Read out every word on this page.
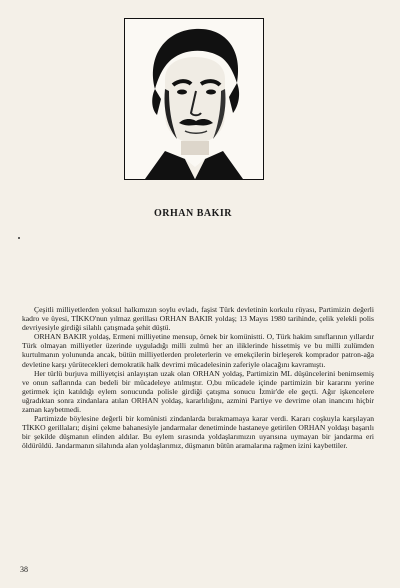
ORHAN BAKIR

Çeşitli milliyetlerden yoksul halkımızın soylu evladı, faşist Türk devletinin korkulu rüyası, Partimizin değerli kadro ve üyesi, TİKKO'nun yılmaz gerillası ORHAN BAKIR yoldaş; 13 Mayıs 1980 tarihinde, çelik yelekli polis devriyesiyle girdiği silahlı çatışmada şehit düştü.

ORHAN BAKIR yoldaş, Ermeni milliyetine mensup, örnek bir komünistti. O, Türk hakim sınıflarının yıllardır Türk olmayan milliyetler üzerinde uyguladığı milli zulmü her an iliklerinde hissetmiş ve bu milli zulümden kurtulmanın yolununda ancak, bütün milliyetlerden proleterlerin ve emekçilerin birleşerek komprador patron-ağa devletine karşı yürütecekleri demokratik halk devrimi mücadelesinin zaferiyle olacağını kavramıştı.

Her türlü burjuva milliyetçisi anlayıştan uzak olan ORHAN yoldaş, Partimizin ML düşüncelerini benimsemiş ve onun saflarında can bedeli bir mücadeleye atılmıştır. O,bu mücadele içinde partimizin bir kararını yerine getirmek için katıldığı eylem sonucunda polisle girdiği çatışma sonucu İzmir'de ele geçti. Ağır işkencelere uğradıktan sonra zindanlara atılan ORHAN yoldaş, kararlılığını, azmini Partiye ve devrime olan inancını hiçbir zaman kaybetmedi.

Partimizde böylesine değerli bir komünisti zindanlarda bırakmamaya karar verdi. Kararı coşkuyla karşılayan TİKKO gerillaları; dişini çekme bahanesiyle jandarmalar denetiminde hastaneye getirilen ORHAN yoldaşı başarılı bir şekilde düşmanın elinden aldılar. Bu eylem sırasında yoldaşlarımızın uyarısına uymayan bir jandarma eri öldürüldü. Jandarmanın silahında alan yoldaşlarımız, düşmanın bütün aramalarına rağmen izini kaybettiler.

38
